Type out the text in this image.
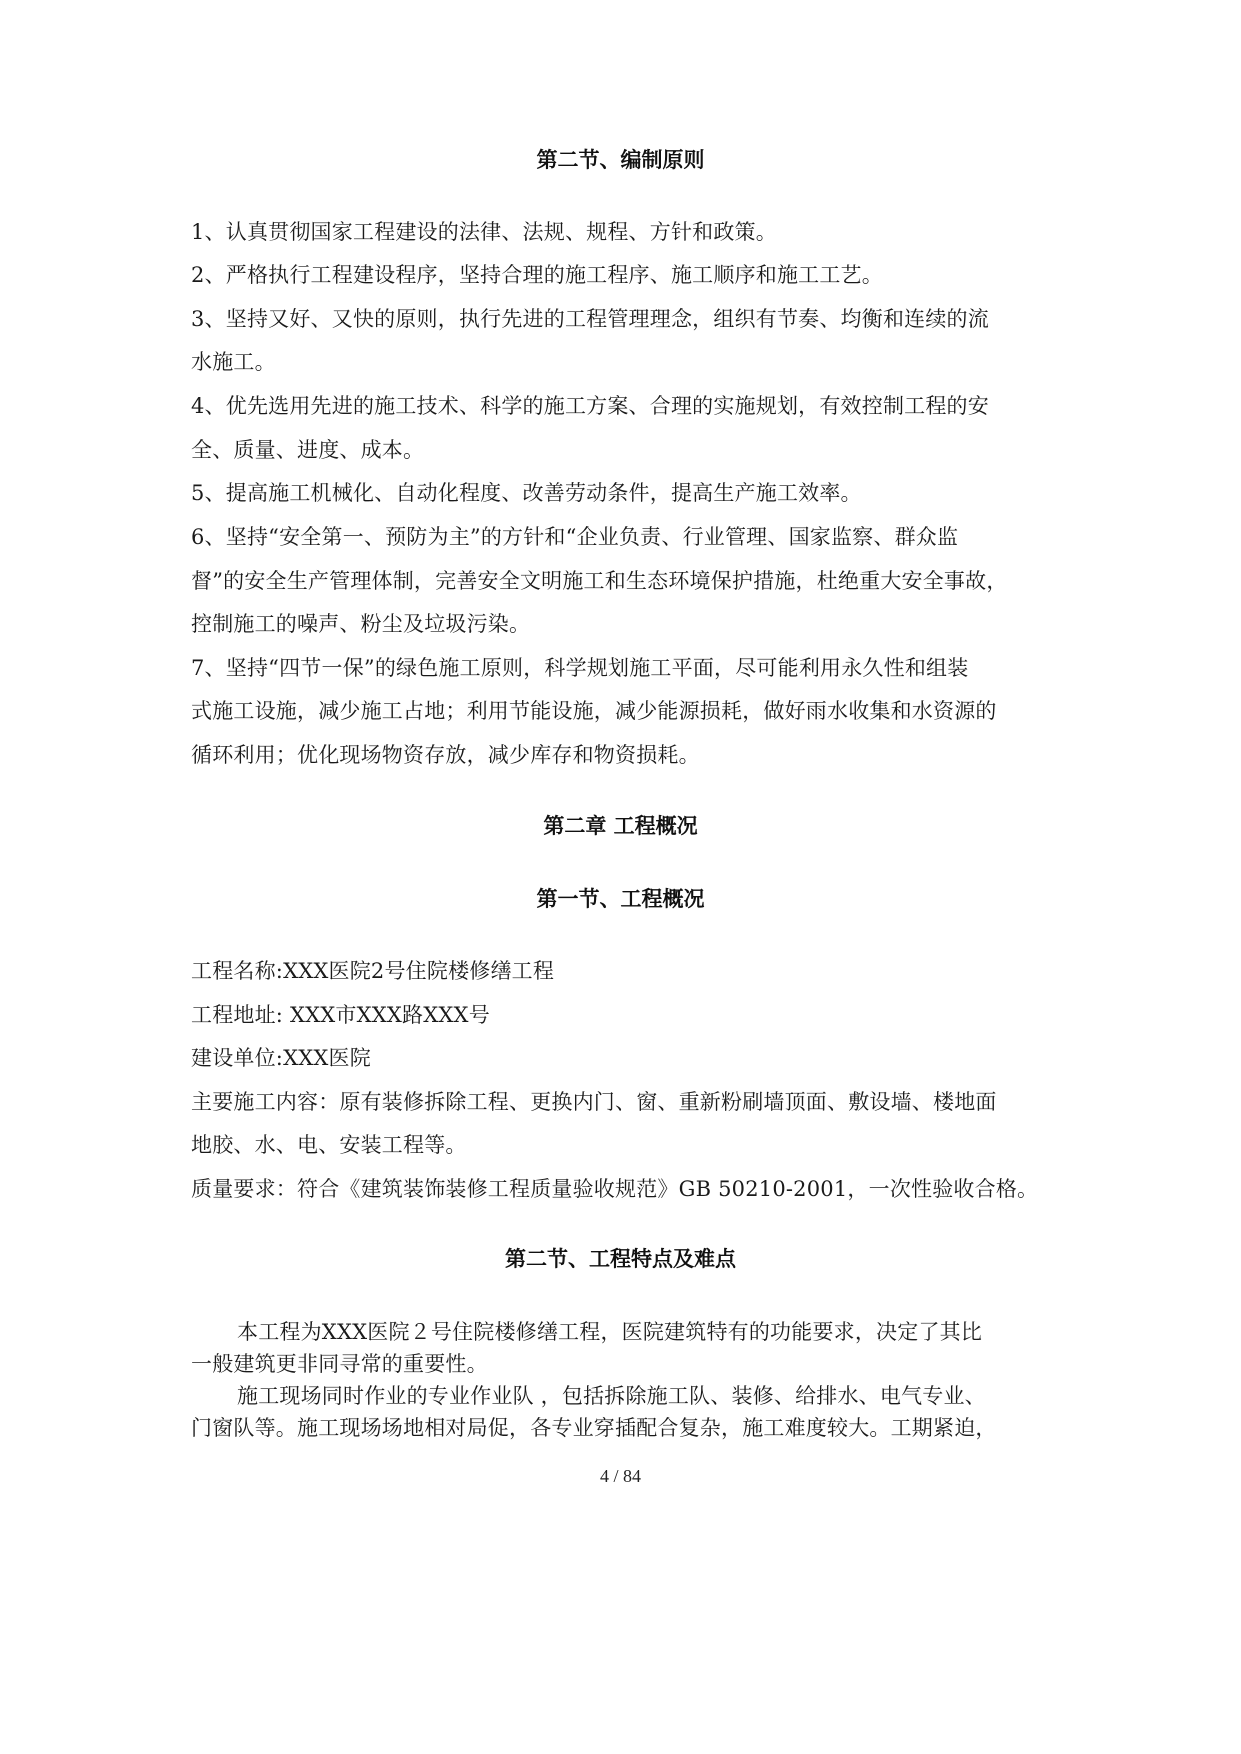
第二节、编制原则
1、认真贯彻国家工程建设的法律、法规、规程、方针和政策。
2、严格执行工程建设程序，坚持合理的施工程序、施工顺序和施工工艺。
3、坚持又好、又快的原则，执行先进的工程管理理念，组织有节奏、均衡和连续的流
水施工。
4、优先选用先进的施工技术、科学的施工方案、合理的实施规划，有效控制工程的安
全、质量、进度、成本。
5、提高施工机械化、自动化程度、改善劳动条件，提高生产施工效率。
6、坚持“安全第一、预防为主”的方针和“企业负责、行业管理、国家监察、群众监
督”的安全生产管理体制，完善安全文明施工和生态环境保护措施，杜绝重大安全事故，
控制施工的噪声、粉尘及垃圾污染。
7、坚持“四节一保”的绿色施工原则，科学规划施工平面，尽可能利用永久性和组装
式施工设施，减少施工占地；利用节能设施，减少能源损耗，做好雨水收集和水资源的
循环利用；优化现场物资存放，减少库存和物资损耗。
第二章 工程概况
第一节、工程概况
工程名称:XXX医院2号住院楼修缮工程
工程地址: XXX市XXX路XXX号
建设单位:XXX医院
主要施工内容：原有装修拆除工程、更换内门、窗、重新粉刷墙顶面、敷设墙、楼地面
地胶、水、电、安装工程等。
质量要求：符合《建筑装饰装修工程质量验收规范》GB 50210-2001，一次性验收合格。
第二节、工程特点及难点
本工程为XXX医院２号住院楼修缮工程，医院建筑特有的功能要求，决定了其比
一般建筑更非同寻常的重要性。
施工现场同时作业的专业作业队 ，包括拆除施工队、装修、给排水、电气专业、
门窗队等。施工现场场地相对局促，各专业穿插配合复杂，施工难度较大。工期紧迫，
4 / 84
